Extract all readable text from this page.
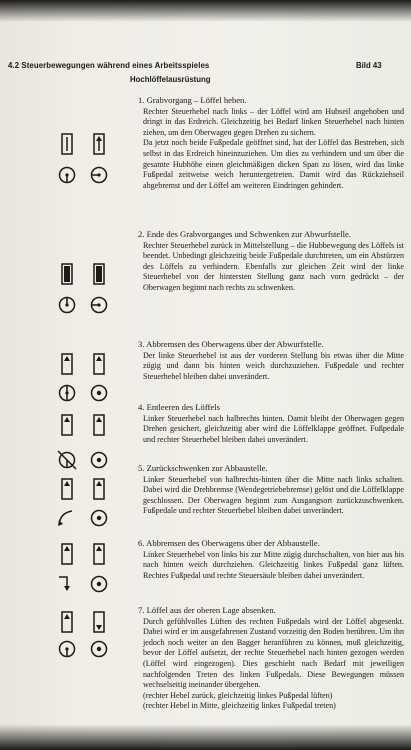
4.2 Steuerbewegungen während eines Arbeitsspieles	Bild 43
Hochlöffelausrüstung
1. Grabvorgang – Löffel heben.

Rechter Steuerhebel nach links – der Löffel wird am Hubseil angehoben und dringt in das Erdreich. Gleichzeitig bei Bedarf linken Steuerhebel nach hinten ziehen, um den Oberwagen gegen Drehen zu sichern.

Da jetzt noch beide Fußpedale geöffnet sind, hat der Löffel das Bestreben, sich selbst in das Erdreich hineinzuziehen. Um dies zu verhindern und um über die gesamte Hubhöhe einen gleichmäßigen dicken Span zu lösen, wird das linke Fußpedal zeitweise weich heruntergetreten. Damit wird das Rückziehseil abgebremst und der Löffel am weiteren Eindringen gehindert.

2. Ende des Grabvorganges und Schwenken zur Abwurfstelle.

Rechter Steuerhebel zurück in Mittelstellung – die Hubbewegung des Löffels ist beendet. Unbedingt gleichzeitig beide Fußpedale durchtreten, um ein Abstürzen des Löffels zu verhindern. Ebenfalls zur gleichen Zeit wird der linke Steuerhebel von der hintersten Stellung ganz nach vorn gedrückt – der Oberwagen beginnt nach rechts zu schwenken.

3. Abbremsen des Oberwagens über der Abwurfstelle.

Der linke Steuerhebel ist aus der vorderen Stellung bis etwas über die Mitte zügig und dann bis hinten weich durchzuziehen. Fußpedale und rechter Steuerhebel bleiben dabei unverändert.

4. Entleeren des Löffels

Linker Steuerhebel nach halbrechts hinten. Damit bleibt der Oberwagen gegen Drehen gesichert, gleichzeitig aber wird die Löffelklappe geöffnet. Fußpedale und rechter Steuerhebel bleiben dabei unverändert.

5. Zurückschwenken zur Abbaustelle.

Linker Steuerhebel von halbrechts-hinten über die Mitte nach links schalten. Dabei wird die Drehbremse (Wendegetriebebremse) gelöst und die Löffelklappe geschlossen. Der Oberwagen beginnt zum Ausgangsort zurückzuschwenken. Fußpedale und rechter Steuerhebel bleiben dabei unverändert.

6. Abbremsen des Oberwagens über der Abbaustelle.

Linker Steuerhebel von links bis zur Mitte zügig durchschalten, von hier aus bis nach hinten weich durchziehen. Gleichzeitig linkes Fußpedal ganz lüften. Rechtes Fußpedal und rechte Steuersäule bleiben dabei unverändert.

7. Löffel aus der oberen Lage absenken.

Durch gefühlvolles Lüften des rechten Fußpedals wird der Löffel abgesenkt. Dabei wird er im ausgefahrenen Zustand vorzeitig den Boden berühren. Um ihn jedoch noch weiter an den Bagger heranführen zu können, muß gleichzeitig, bevor der Löffel aufsetzt, der rechte Steuerhebel nach hinten gezogen werden (Löffel wird eingezogen). Dies geschieht nach Bedarf mit jeweiligen nachfolgenden Treten des linken Fußpedals. Diese Bewegungen müssen wechselseitig ineinander übergehen.

(rechter Hebel zurück, gleichzeitig linkes Pußpedal lüften)

(rechter Hebel in Mitte, gleichzeitig linkes Fußpedal treten)
